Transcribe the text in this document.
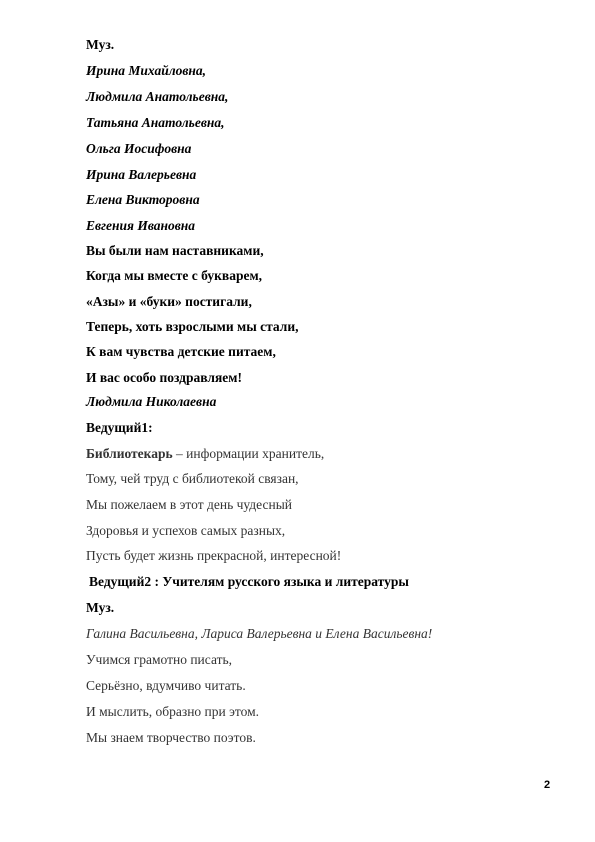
Муз.
Ирина Михайловна,
Людмила Анатольевна,
Татьяна Анатольевна,
Ольга Иосифовна
Ирина Валерьевна
Елена Викторовна
Евгения Ивановна
Вы были нам наставниками,
Когда мы вместе с букварем,
«Азы» и «буки» постигали,
Теперь, хоть взрослыми мы стали,
К вам чувства детские питаем,
И вас особо поздравляем!
Людмила Николаевна
Ведущий1:
Библиотекарь – информации хранитель,
Тому, чей труд с библиотекой связан,
Мы пожелаем в этот день чудесный
Здоровья и успехов самых разных,
Пусть будет жизнь прекрасной, интересной!
Ведущий2 : Учителям русского языка и литературы
Муз.
Галина Васильевна, Лариса Валерьевна и Елена Васильевна!
Учимся грамотно писать,
Серьёзно, вдумчиво читать.
И мыслить, образно при этом.
Мы знаем творчество поэтов.
2
